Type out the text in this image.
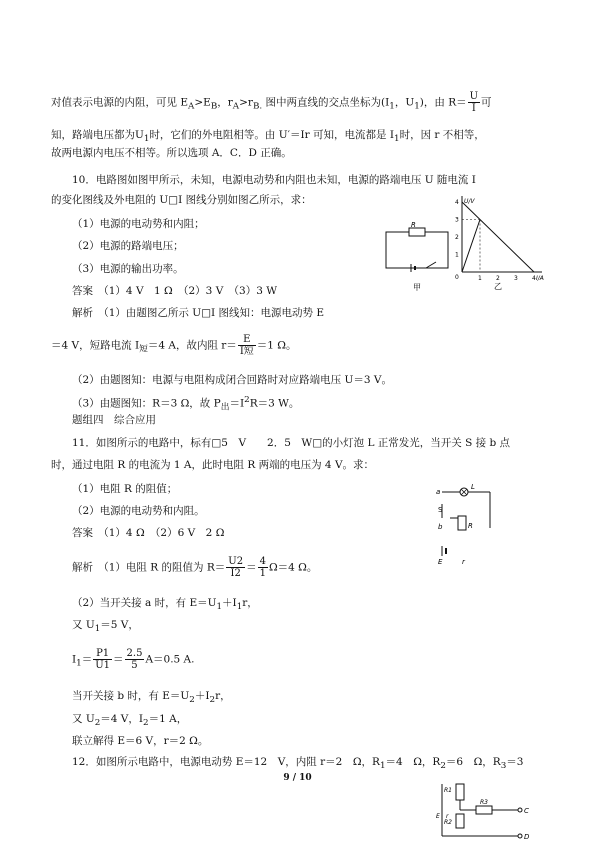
对值表示电源的内阻，可见 $E_A>E_B$，$r_A>r_{B.}$ 图中两直线的交点坐标为($I_1$，$U_1$)，由 $R= \frac{U}{I}$ 可
知，路端电压都为$U_1$时，它们的外电阻相等。由 U′＝Ir 可知，电流都是 $I_1$时，因 r 不相等，
故两电源内电压不相等。所以选项 A．C．D 正确。
10．电路图如图甲所示，未知，电源电动势和内阻也未知，电源的路端电压 U 随电流 I
的变化图线及外电阻的 U□I 图线分别如图乙所示，求：
（1）电源的电动势和内阻；
（2）电源的路端电压；
（3）电源的输出功率。
答案　（1）4 V　1 Ω　（2）3 V　（3）3 W
解析　（1）由题图乙所示 U□I 图线知：电源电动势 E
＝4 V，短路电流 $I_短=4$ A，故内阻 $r= \frac{E}{\text{I短}} =1$ Ω。
（2）由题图知：电源与电阻构成闭合回路时对应路端电压 U＝3 V。
（3）由题图知：R＝3 Ω，故 $P_出=I^2R=3$ W。
题组四　综合应用
11．如图所示的电路中，标有□5　V　　2．5　W□的小灯泡 L 正常发光，当开关 S 接 b 点
时，通过电阻 R 的电流为 1 A，此时电阻 R 两端的电压为 4 V。求：
（1）电阻 R 的阻值；
（2）电源的电动势和内阻。
答案　（1）4 Ω　（2）6 V　2 Ω
解析　（1）电阻 R 的阻值为 $R= \frac{U2}{I2} = \frac{4}{1} \Omega=4$ Ω。
（2）当开关接 a 时，有 $E=U_1+I_1r$，
又 $U_1=5$ V，
$I_1= \frac{P1}{U1} = \frac{2.5}{5} A=0.5$ A.
当开关接 b 时，有 $E=U_2+I_2r$，
又 $U_2=4$ V，$I_2=1$ A，
联立解得 E＝6 V，r＝2 Ω。
12．如图所示电路中，电源电动势 E＝12　V，内阻 r＝2　Ω，$R_1=4$　Ω，$R_2=6$　Ω，$R_3=3$
9 / 10
R
甲
1 2 3 4
1
2
3
4
0
U/V
I/A
乙
a
L
S
b	R
E	r
R1
R3
C
R2
E r
D
